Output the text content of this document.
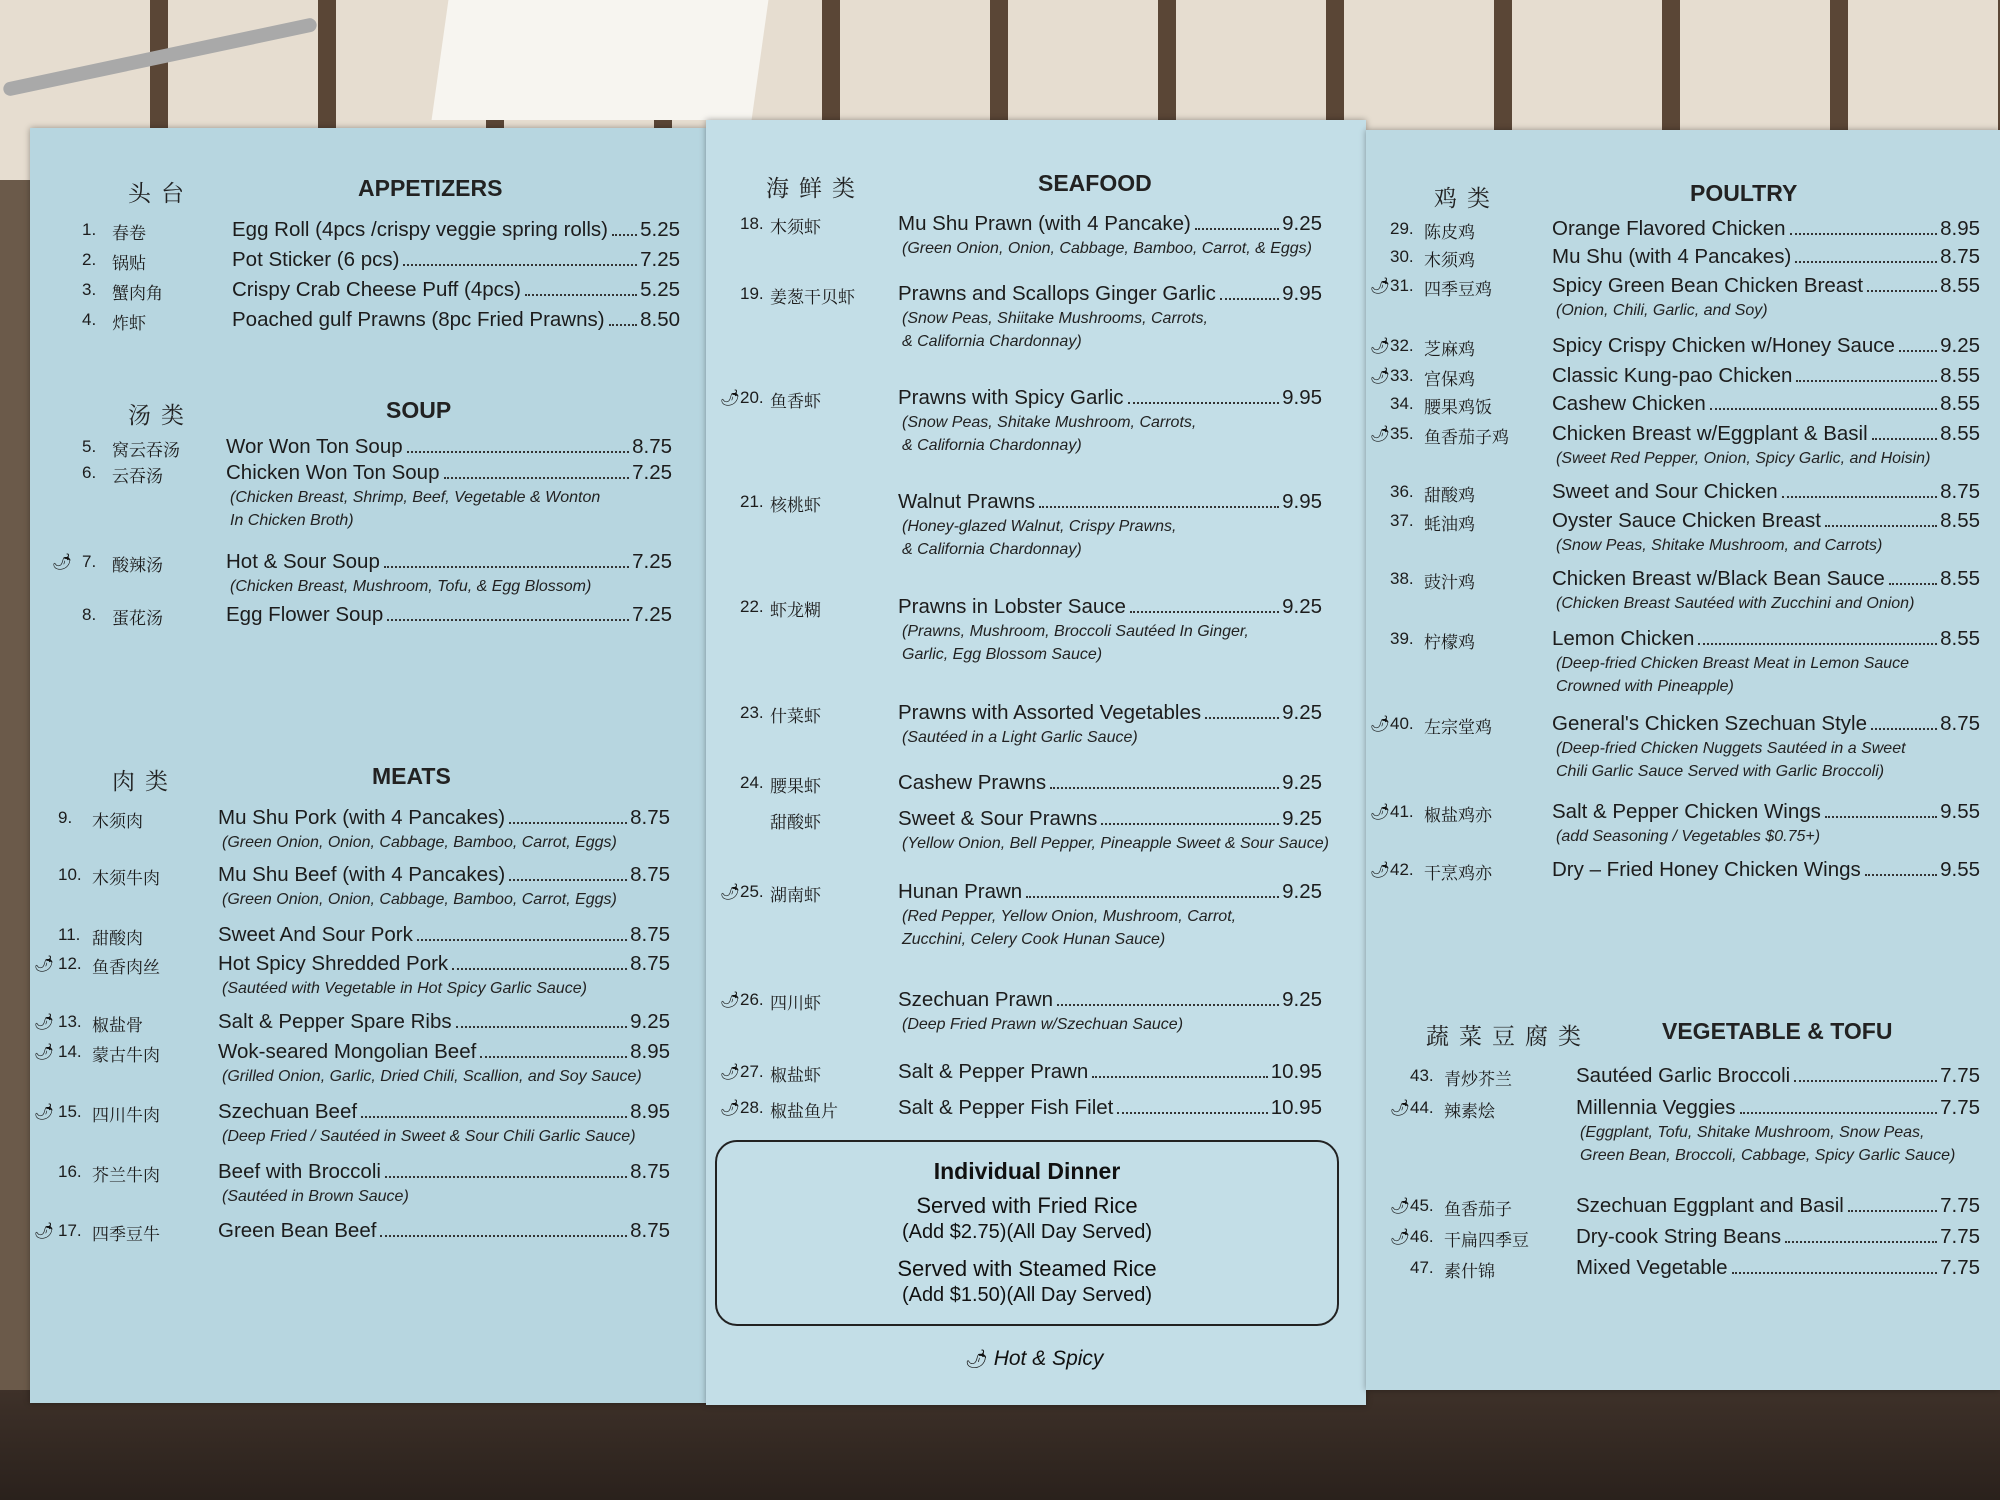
头台	APPETIZERS
1. 春卷	Egg Roll (4pcs /crispy veggie spring rolls) 5.25
2. 锅贴	Pot Sticker (6 pcs)	7.25
3. 蟹肉角	Crispy Crab Cheese Puff (4pcs)	5.25
4. 炸虾	Poached gulf Prawns (8pc Fried Prawns) 8.50
汤类	SOUP
5. 窝云吞汤	Wor Won Ton Soup	8.75
6. 云吞汤	Chicken Won Ton Soup	7.25
(Chicken Breast, Shrimp, Beef, Vegetable & Wonton
In Chicken Broth)
🌶︎ 7. 酸辣汤	Hot & Sour Soup	7.25
(Chicken Breast, Mushroom, Tofu, & Egg Blossom)
8. 蛋花汤	Egg Flower Soup	7.25
肉类	MEATS
9. 木须肉	Mu Shu Pork (with 4 Pancakes)	8.75
(Green Onion, Onion, Cabbage, Bamboo, Carrot, Eggs)
10. 木须牛肉	Mu Shu Beef (with 4 Pancakes)	8.75
(Green Onion, Onion, Cabbage, Bamboo, Carrot, Eggs)
11. 甜酸肉	Sweet And Sour Pork	8.75
🌶︎ 12. 鱼香肉丝	Hot Spicy Shredded Pork	8.75
(Sautéed with Vegetable in Hot Spicy Garlic Sauce)
🌶︎ 13. 椒盐骨	Salt & Pepper Spare Ribs	9.25
🌶︎ 14. 蒙古牛肉	Wok-seared Mongolian Beef	8.95
(Grilled Onion, Garlic, Dried Chili, Scallion, and Soy Sauce)
🌶︎ 15. 四川牛肉	Szechuan Beef	8.95
(Deep Fried / Sautéed in Sweet & Sour Chili Garlic Sauce)
16. 芥兰牛肉	Beef with Broccoli	8.75
(Sautéed in Brown Sauce)
🌶︎ 17. 四季豆牛	Green Bean Beef	8.75
海鲜类	SEAFOOD
18. 木须虾	Mu Shu Prawn (with 4 Pancake)	9.25
(Green Onion, Onion, Cabbage, Bamboo, Carrot, & Eggs)
19. 姜葱干贝虾	Prawns and Scallops Ginger Garlic	9.95
(Snow Peas, Shiitake Mushrooms, Carrots,
& California Chardonnay)
🌶︎ 20. 鱼香虾	Prawns with Spicy Garlic	9.95
(Snow Peas, Shitake Mushroom, Carrots,
& California Chardonnay)
21. 核桃虾	Walnut Prawns	9.95
(Honey-glazed Walnut, Crispy Prawns,
& California Chardonnay)
22. 虾龙糊	Prawns in Lobster Sauce	9.25
(Prawns, Mushroom, Broccoli Sautéed In Ginger,
Garlic, Egg Blossom Sauce)
23. 什菜虾	Prawns with Assorted Vegetables	9.25
(Sautéed in a Light Garlic Sauce)
24. 腰果虾	Cashew Prawns	9.25
甜酸虾	Sweet & Sour Prawns	9.25
(Yellow Onion, Bell Pepper, Pineapple Sweet & Sour Sauce)
🌶︎ 25. 湖南虾	Hunan Prawn	9.25
(Red Pepper, Yellow Onion, Mushroom, Carrot,
Zucchini, Celery Cook Hunan Sauce)
🌶︎ 26. 四川虾	Szechuan Prawn	9.25
(Deep Fried Prawn w/Szechuan Sauce)
🌶︎ 27. 椒盐虾	Salt & Pepper Prawn	10.95
🌶︎ 28. 椒盐鱼片	Salt & Pepper Fish Filet	10.95
鸡类	POULTRY
29. 陈皮鸡	Orange Flavored Chicken	8.95
30. 木须鸡	Mu Shu (with 4 Pancakes)	8.75
🌶︎ 31. 四季豆鸡	Spicy Green Bean Chicken Breast	8.55
(Onion, Chili, Garlic, and Soy)
🌶︎ 32. 芝麻鸡	Spicy Crispy Chicken w/Honey Sauce 9.25
🌶︎ 33. 宫保鸡	Classic Kung-pao Chicken	8.55
34. 腰果鸡饭	Cashew Chicken	8.55
🌶︎ 35. 鱼香茄子鸡	Chicken Breast w/Eggplant & Basil	8.55
(Sweet Red Pepper, Onion, Spicy Garlic, and Hoisin)
36. 甜酸鸡	Sweet and Sour Chicken	8.75
37. 蚝油鸡	Oyster Sauce Chicken Breast	8.55
(Snow Peas, Shitake Mushroom, and Carrots)
38. 豉汁鸡	Chicken Breast w/Black Bean Sauce	8.55
(Chicken Breast Sautéed with Zucchini and Onion)
39. 柠檬鸡	Lemon Chicken	8.55
(Deep-fried Chicken Breast Meat in Lemon Sauce
Crowned with Pineapple)
🌶︎ 40. 左宗堂鸡	General's Chicken Szechuan Style	8.75
(Deep-fried Chicken Nuggets Sautéed in a Sweet
Chili Garlic Sauce Served with Garlic Broccoli)
🌶︎ 41. 椒盐鸡亦	Salt & Pepper Chicken Wings	9.55
(add Seasoning / Vegetables $0.75+)
🌶︎ 42. 干烹鸡亦	Dry – Fried Honey Chicken Wings	9.55
蔬菜豆腐类	VEGETABLE & TOFU
43. 青炒芥兰	Sautéed Garlic Broccoli	7.75
🌶︎ 44. 辣素烩	Millennia Veggies	7.75
(Eggplant, Tofu, Shitake Mushroom, Snow Peas,
Green Bean, Broccoli, Cabbage, Spicy Garlic Sauce)
🌶︎ 45. 鱼香茄子	Szechuan Eggplant and Basil	7.75
🌶︎ 46. 干扁四季豆	Dry-cook String Beans	7.75
47. 素什锦	Mixed Vegetable	7.75
Individual Dinner
Served with Fried Rice
(Add $2.75)(All Day Served)
Served with Steamed Rice
(Add $1.50)(All Day Served)
🌶︎ Hot & Spicy
